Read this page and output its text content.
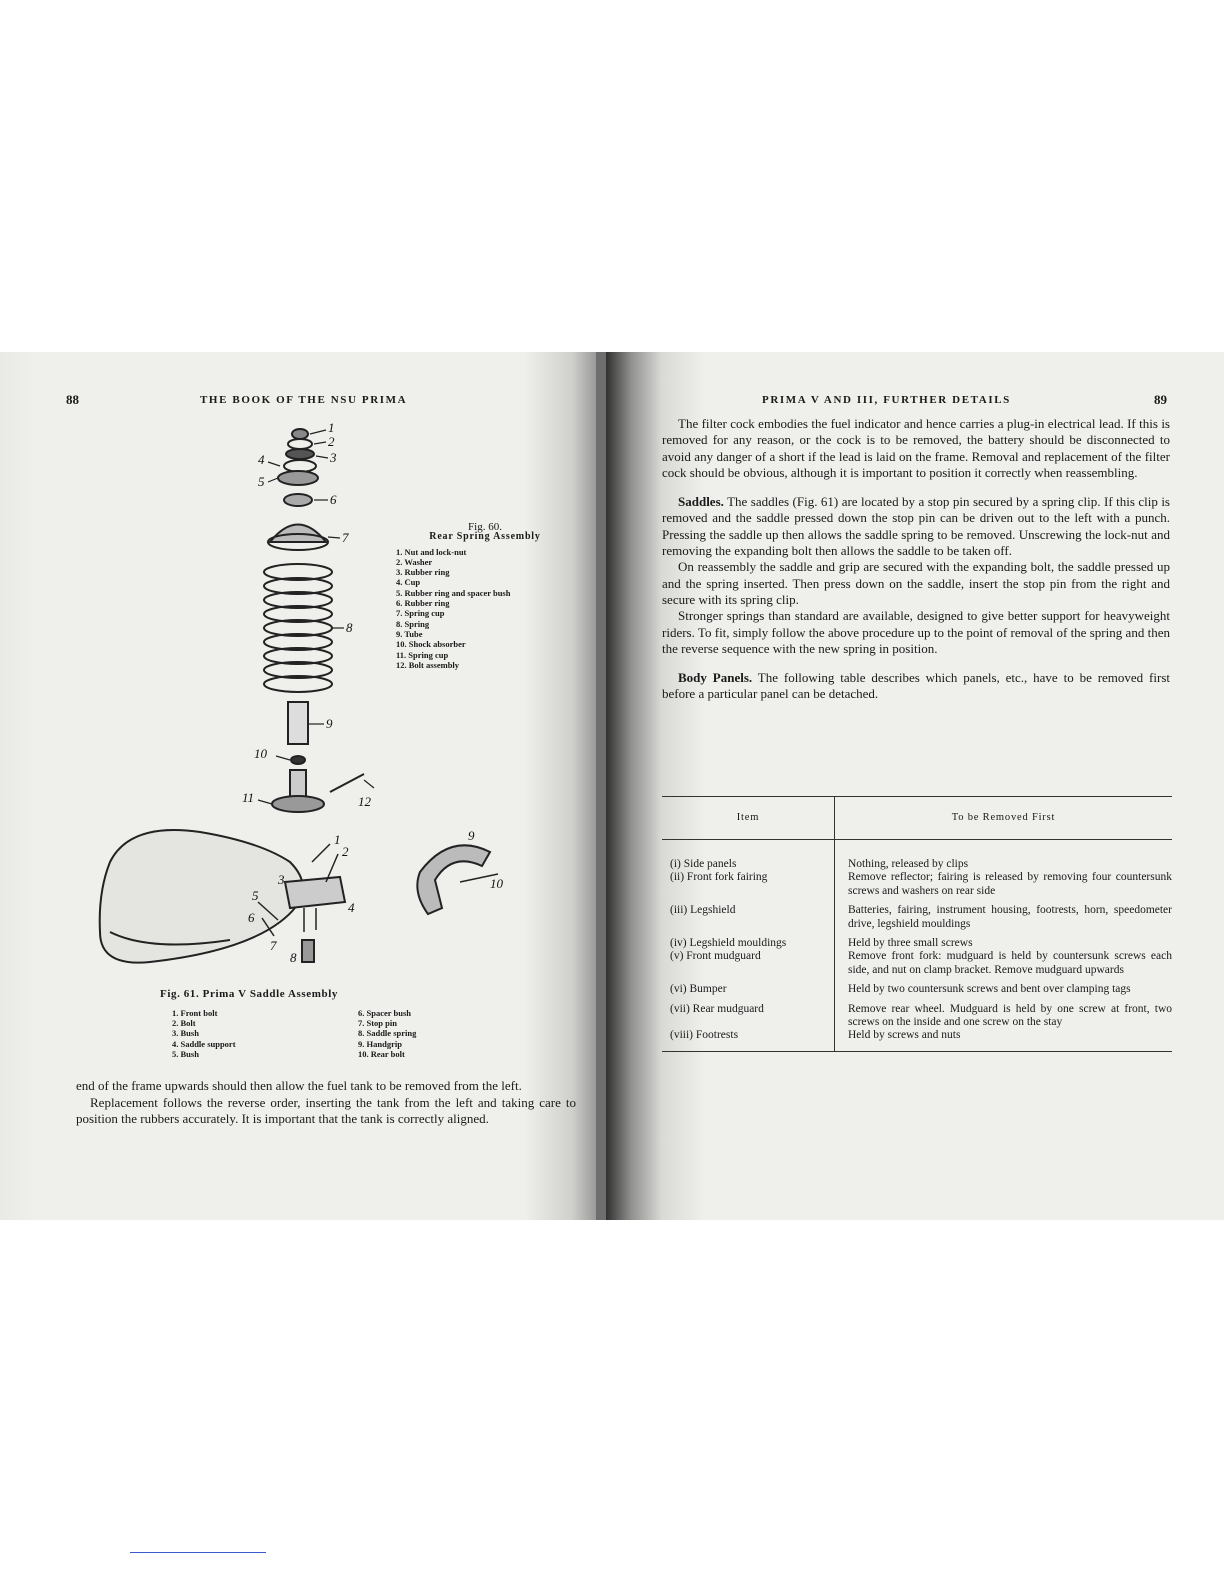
88	THE BOOK OF THE NSU PRIMA
1
2
3
4
5
6
7
8
9
10
11	12
Fig. 60.
Rear Spring Assembly
1. Nut and lock-nut
2. Washer
3. Rubber ring
4. Cup
5. Rubber ring and spacer bush
6. Rubber ring
7. Spring cup
8. Spring
9. Tube
10. Shock absorber
11. Spring cup
12. Bolt assembly
1
2
3
4
5
6
7
8
9
10
Fig. 61. Prima V Saddle Assembly
1. Front bolt
2. Bolt
3. Bush
4. Saddle support
5. Bush
6. Spacer bush
7. Stop pin
8. Saddle spring
9. Handgrip
10. Rear bolt

end of the frame upwards should then allow the fuel tank to be removed from the left.

Replacement follows the reverse order, inserting the tank from the left and taking care to position the rubbers accurately. It is important that the tank is correctly aligned.

PRIMA V AND III, FURTHER DETAILS	89

The filter cock embodies the fuel indicator and hence carries a plug-in electrical lead. If this is removed for any reason, or the cock is to be removed, the battery should be disconnected to avoid any danger of a short if the lead is laid on the frame. Removal and replacement of the filter cock should be obvious, although it is important to position it correctly when reassembling.

Saddles. The saddles (Fig. 61) are located by a stop pin secured by a spring clip. If this clip is removed and the saddle pressed down the stop pin can be driven out to the left with a punch. Pressing the saddle up then allows the saddle spring to be removed. Unscrewing the lock-nut and removing the expanding bolt then allows the saddle to be taken off.

On reassembly the saddle and grip are secured with the expanding bolt, the saddle pressed up and the spring inserted. Then press down on the saddle, insert the stop pin from the right and secure with its spring clip.

Stronger springs than standard are available, designed to give better support for heavyweight riders. To fit, simply follow the above procedure up to the point of removal of the spring and then the reverse sequence with the new spring in position.

Body Panels. The following table describes which panels, etc., have to be removed first before a particular panel can be detached.

Item	To be Removed First
(i) Side panels	Nothing, released by clips
(ii) Front fork fairing	Remove reflector; fairing is released by removing four countersunk screws and washers on rear side
(iii) Legshield	Batteries, fairing, instrument housing, footrests, horn, speedometer drive, legshield mouldings
(iv) Legshield mouldings	Held by three small screws
(v) Front mudguard	Remove front fork: mudguard is held by countersunk screws each side, and nut on clamp bracket. Remove mudguard upwards
(vi) Bumper	Held by two countersunk screws and bent over clamping tags
(vii) Rear mudguard	Remove rear wheel. Mudguard is held by one screw at front, two screws on the inside and one screw on the stay
(viii) Footrests	Held by screws and nuts
